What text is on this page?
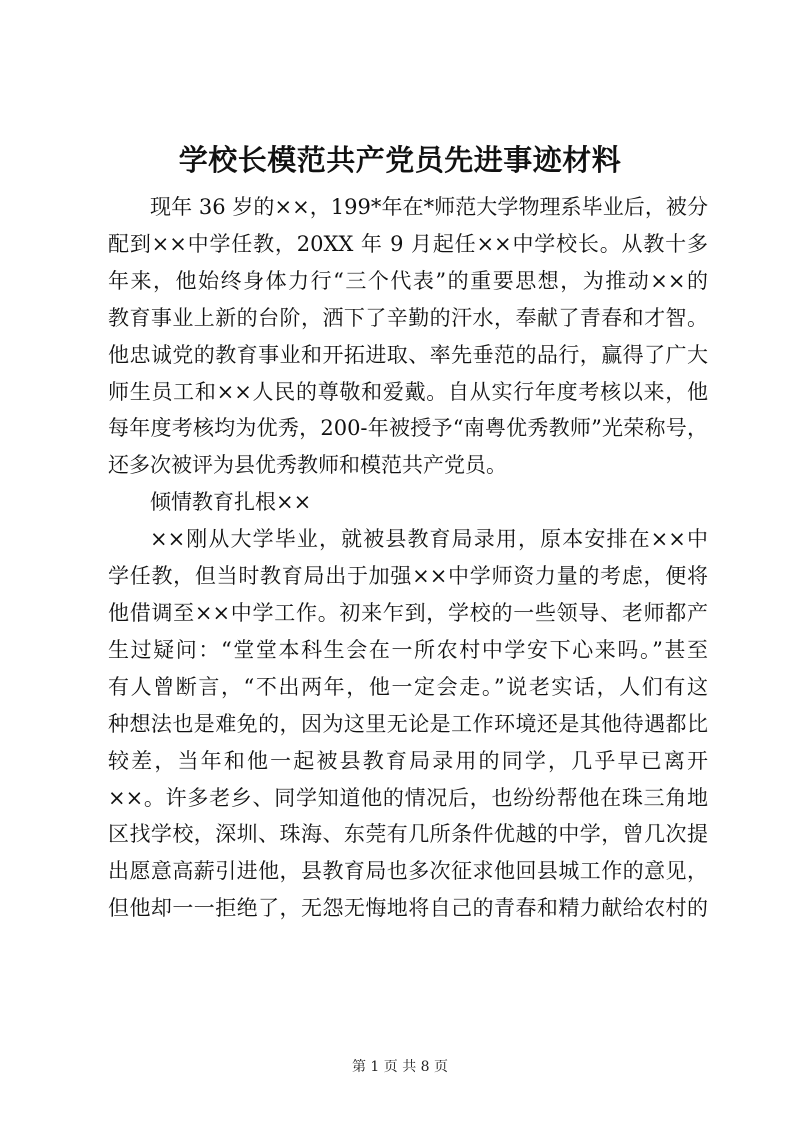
学校长模范共产党员先进事迹材料

现年 36 岁的××，199*年在*师范大学物理系毕业后，被分
配到××中学任教，20XX 年 9 月起任××中学校长。从教十多
年来，他始终身体力行“三个代表”的重要思想，为推动××的
教育事业上新的台阶，洒下了辛勤的汗水，奉献了青春和才智。
他忠诚党的教育事业和开拓进取、率先垂范的品行，赢得了广大
师生员工和××人民的尊敬和爱戴。自从实行年度考核以来，他
每年度考核均为优秀，200-年被授予“南粤优秀教师”光荣称号，
还多次被评为县优秀教师和模范共产党员。

倾情教育扎根××

××刚从大学毕业，就被县教育局录用，原本安排在××中
学任教，但当时教育局出于加强××中学师资力量的考虑，便将
他借调至××中学工作。初来乍到，学校的一些领导、老师都产
生过疑问：“堂堂本科生会在一所农村中学安下心来吗。”甚至
有人曾断言，“不出两年，他一定会走。”说老实话，人们有这
种想法也是难免的，因为这里无论是工作环境还是其他待遇都比
较差，当年和他一起被县教育局录用的同学，几乎早已离开
××。许多老乡、同学知道他的情况后，也纷纷帮他在珠三角地
区找学校，深圳、珠海、东莞有几所条件优越的中学，曾几次提
出愿意高薪引进他，县教育局也多次征求他回县城工作的意见，
但他却一一拒绝了，无怨无悔地将自己的青春和精力献给农村的

第 1 页 共 8 页
